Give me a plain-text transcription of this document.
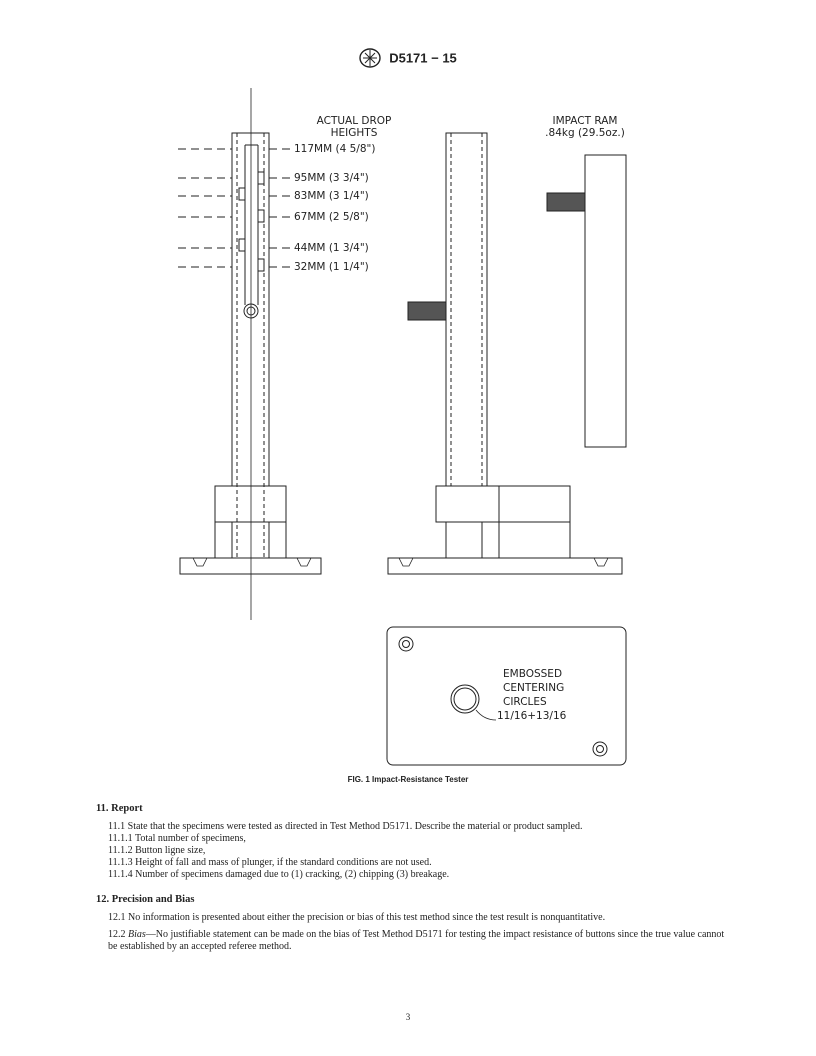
D5171 − 15
ACTUAL DROP
HEIGHTS
117MM (4 5/8")
95MM (3 3/4")
83MM (3 1/4")
67MM (2 5/8")
44MM (1 3/4")
32MM (1 1/4")
IMPACT RAM
.84kg (29.5oz.)
EMBOSSED
CENTERING
CIRCLES
11/16+13/16
FIG. 1 Impact-Resistance Tester
11. Report
11.1 State that the specimens were tested as directed in Test Method D5171. Describe the material or product sampled.
11.1.1 Total number of specimens,
11.1.2 Button ligne size,
11.1.3 Height of fall and mass of plunger, if the standard conditions are not used.
11.1.4 Number of specimens damaged due to (1) cracking, (2) chipping (3) breakage.
12. Precision and Bias
12.1 No information is presented about either the precision or bias of this test method since the test result is nonquantitative.
12.2 Bias—No justifiable statement can be made on the bias of Test Method D5171 for testing the impact resistance of buttons since the true value cannot be established by an accepted referee method.
3
